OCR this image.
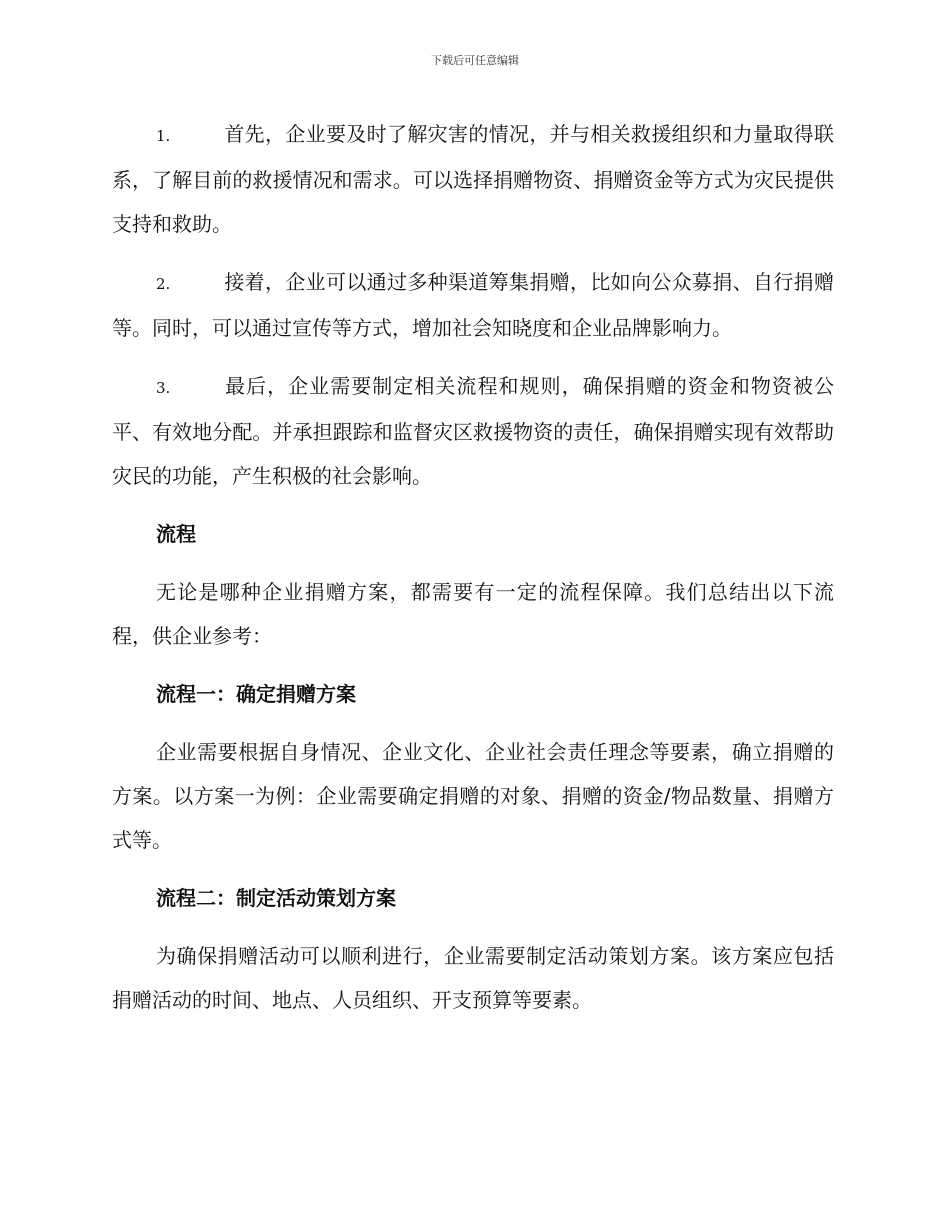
下载后可任意编辑

1.	首先，企业要及时了解灾害的情况，并与相关救援组织和力量取得联系，了解目前的救援情况和需求。可以选择捐赠物资、捐赠资金等方式为灾民提供支持和救助。

2.	接着，企业可以通过多种渠道筹集捐赠，比如向公众募捐、自行捐赠等。同时，可以通过宣传等方式，增加社会知晓度和企业品牌影响力。

3.	最后，企业需要制定相关流程和规则，确保捐赠的资金和物资被公平、有效地分配。并承担跟踪和监督灾区救援物资的责任，确保捐赠实现有效帮助灾民的功能，产生积极的社会影响。

流程

无论是哪种企业捐赠方案，都需要有一定的流程保障。我们总结出以下流程，供企业参考：

流程一：确定捐赠方案

企业需要根据自身情况、企业文化、企业社会责任理念等要素，确立捐赠的方案。以方案一为例：企业需要确定捐赠的对象、捐赠的资金/物品数量、捐赠方式等。

流程二：制定活动策划方案

为确保捐赠活动可以顺利进行，企业需要制定活动策划方案。该方案应包括捐赠活动的时间、地点、人员组织、开支预算等要素。
